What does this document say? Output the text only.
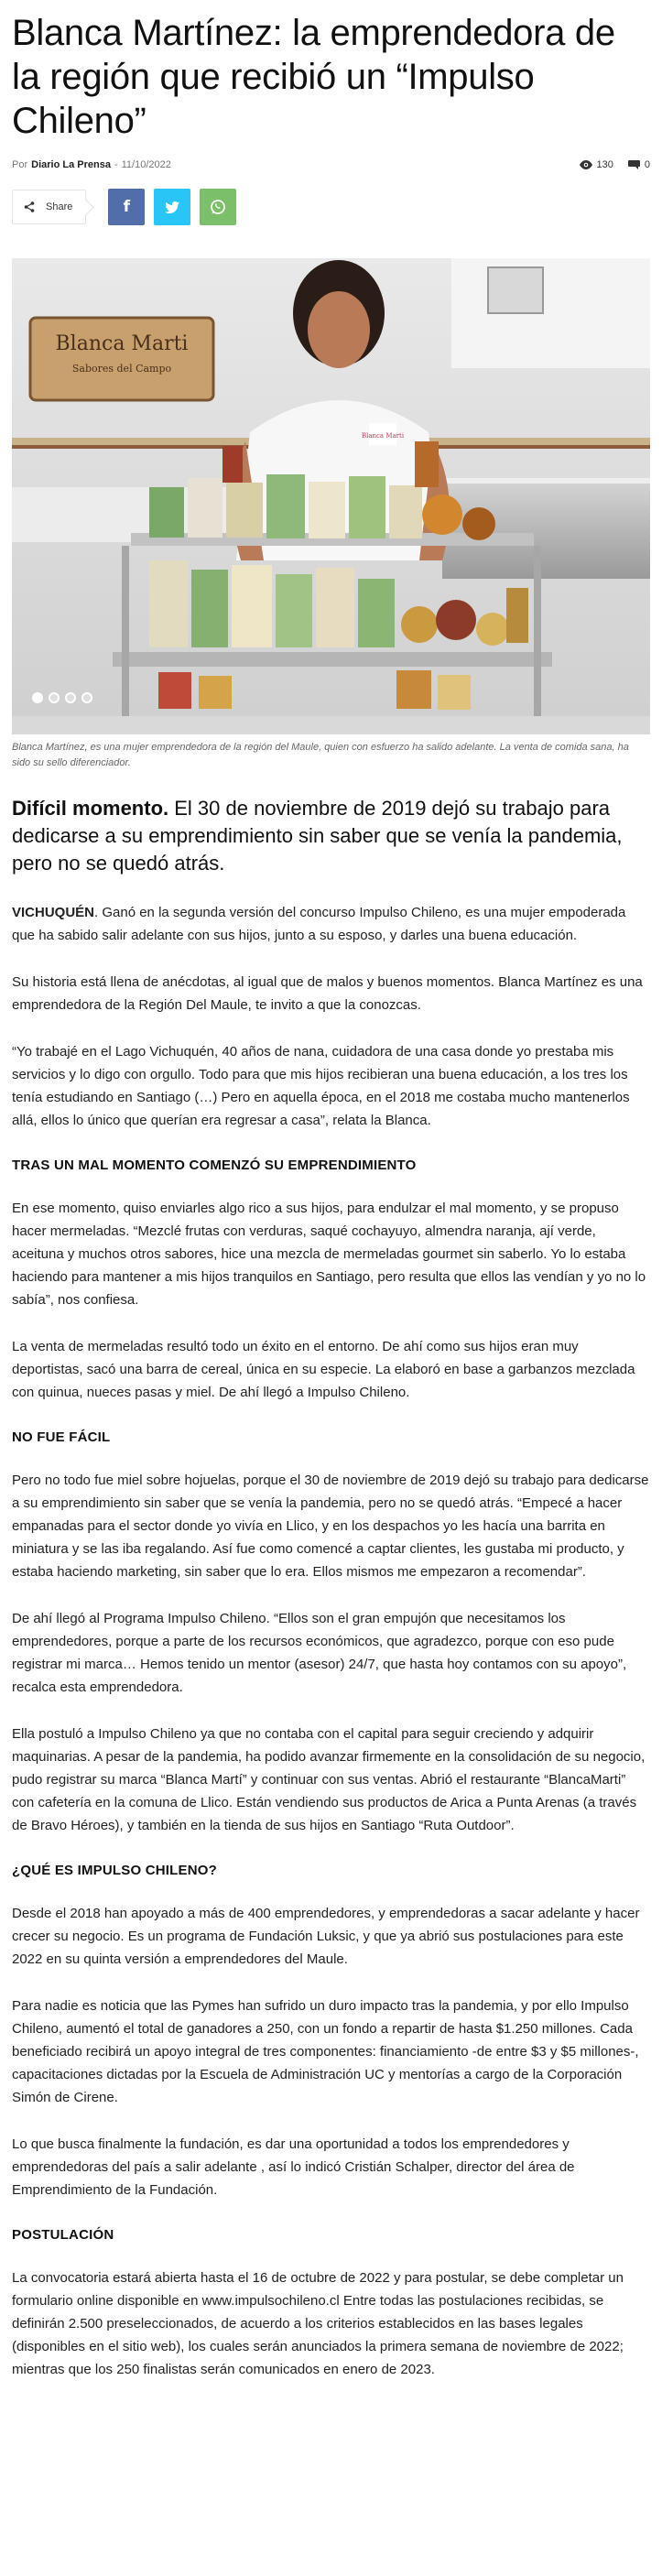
Blanca Martínez: la emprendedora de la región que recibió un “Impulso Chileno”
Por Diario La Prensa - 11/10/2022	130	0
Share	f
Blanca Marti
Sabores del Campo
Blanca Marti

Blanca Martínez, es una mujer emprendedora de la región del Maule, quien con esfuerzo ha salido adelante. La venta de comida sana, ha sido su sello diferenciador.

Difícil momento. El 30 de noviembre de 2019 dejó su trabajo para dedicarse a su emprendimiento sin saber que se venía la pandemia, pero no se quedó atrás.

VICHUQUÉN. Ganó en la segunda versión del concurso Impulso Chileno, es una mujer empoderada que ha sabido salir adelante con sus hijos, junto a su esposo, y darles una buena educación.

Su historia está llena de anécdotas, al igual que de malos y buenos momentos. Blanca Martínez es una emprendedora de la Región Del Maule, te invito a que la conozcas.

“Yo trabajé en el Lago Vichuquén, 40 años de nana, cuidadora de una casa donde yo prestaba mis servicios y lo digo con orgullo. Todo para que mis hijos recibieran una buena educación, a los tres los tenía estudiando en Santiago (…) Pero en aquella época, en el 2018 me costaba mucho mantenerlos allá, ellos lo único que querían era regresar a casa”, relata la Blanca.

TRAS UN MAL MOMENTO COMENZÓ SU EMPRENDIMIENTO

En ese momento, quiso enviarles algo rico a sus hijos, para endulzar el mal momento, y se propuso hacer mermeladas. “Mezclé frutas con verduras, saqué cochayuyo, almendra naranja, ají verde, aceituna y muchos otros sabores, hice una mezcla de mermeladas gourmet sin saberlo. Yo lo estaba haciendo para mantener a mis hijos tranquilos en Santiago, pero resulta que ellos las vendían y yo no lo sabía”, nos confiesa.

La venta de mermeladas resultó todo un éxito en el entorno. De ahí como sus hijos eran muy deportistas, sacó una barra de cereal, única en su especie. La elaboró en base a garbanzos mezclada con quinua, nueces pasas y miel. De ahí llegó a Impulso Chileno.

NO FUE FÁCIL

Pero no todo fue miel sobre hojuelas, porque el 30 de noviembre de 2019 dejó su trabajo para dedicarse a su emprendimiento sin saber que se venía la pandemia, pero no se quedó atrás. “Empecé a hacer empanadas para el sector donde yo vivía en Llico, y en los despachos yo les hacía una barrita en miniatura y se las iba regalando. Así fue como comencé a captar clientes, les gustaba mi producto, y estaba haciendo marketing, sin saber que lo era. Ellos mismos me empezaron a recomendar”.

De ahí llegó al Programa Impulso Chileno. “Ellos son el gran empujón que necesitamos los emprendedores, porque a parte de los recursos económicos, que agradezco, porque con eso pude registrar mi marca… Hemos tenido un mentor (asesor) 24/7, que hasta hoy contamos con su apoyo”, recalca esta emprendedora.

Ella postuló a Impulso Chileno ya que no contaba con el capital para seguir creciendo y adquirir maquinarias. A pesar de la pandemia, ha podido avanzar firmemente en la consolidación de su negocio, pudo registrar su marca “Blanca Martí” y continuar con sus ventas. Abrió el restaurante “BlancaMarti” con cafetería en la comuna de Llico. Están vendiendo sus productos de Arica a Punta Arenas (a través de Bravo Héroes), y también en la tienda de sus hijos en Santiago “Ruta Outdoor”.

¿QUÉ ES IMPULSO CHILENO?

Desde el 2018 han apoyado a más de 400 emprendedores, y emprendedoras a sacar adelante y hacer crecer su negocio. Es un programa de Fundación Luksic, y que ya abrió sus postulaciones para este 2022 en su quinta versión a emprendedores del Maule.

Para nadie es noticia que las Pymes han sufrido un duro impacto tras la pandemia, y por ello Impulso Chileno, aumentó el total de ganadores a 250, con un fondo a repartir de hasta $1.250 millones. Cada beneficiado recibirá un apoyo integral de tres componentes: financiamiento -de entre $3 y $5 millones-, capacitaciones dictadas por la Escuela de Administración UC y mentorías a cargo de la Corporación Simón de Cirene.

Lo que busca finalmente la fundación, es dar una oportunidad a todos los emprendedores y emprendedoras del país a salir adelante , así lo indicó Cristián Schalper, director del área de Emprendimiento de la Fundación.

POSTULACIÓN

La convocatoria estará abierta hasta el 16 de octubre de 2022 y para postular, se debe completar un formulario online disponible en www.impulsochileno.cl Entre todas las postulaciones recibidas, se definirán 2.500 preseleccionados, de acuerdo a los criterios establecidos en las bases legales (disponibles en el sitio web), los cuales serán anunciados la primera semana de noviembre de 2022; mientras que los 250 finalistas serán comunicados en enero de 2023.
